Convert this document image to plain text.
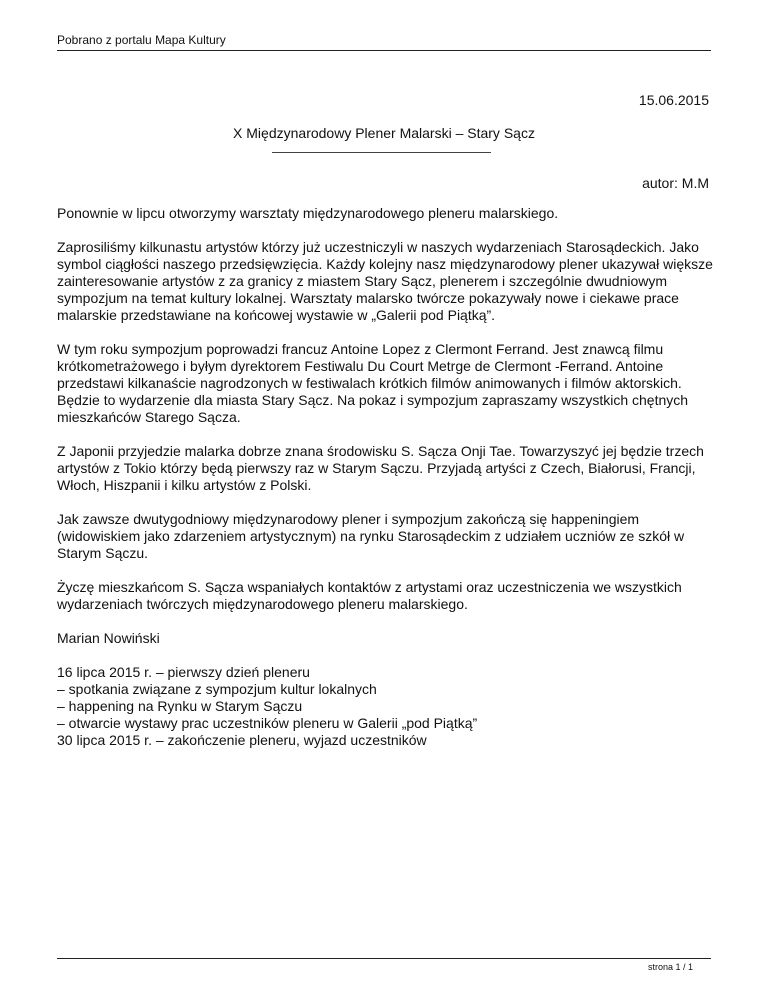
Pobrano z portalu Mapa Kultury
15.06.2015
X Międzynarodowy Plener Malarski – Stary Sącz
autor: M.M

Ponownie w lipcu otworzymy warsztaty międzynarodowego pleneru malarskiego.

Zaprosiliśmy kilkunastu artystów którzy już uczestniczyli w naszych wydarzeniach Starosądeckich. Jako symbol ciągłości naszego przedsięwzięcia. Każdy kolejny nasz międzynarodowy plener ukazywał większe zainteresowanie artystów z za granicy z miastem Stary Sącz, plenerem i szczególnie dwudniowym sympozjum na temat kultury lokalnej. Warsztaty malarsko twórcze pokazywały nowe i ciekawe prace malarskie przedstawiane na końcowej wystawie w „Galerii pod Piątką”.

W tym roku sympozjum poprowadzi francuz Antoine Lopez z Clermont Ferrand. Jest znawcą filmu krótkometrażowego i byłym dyrektorem Festiwalu Du Court Metrge de Clermont -Ferrand. Antoine przedstawi kilkanaście nagrodzonych w festiwalach krótkich filmów animowanych i filmów aktorskich. Będzie to wydarzenie dla miasta Stary Sącz. Na pokaz i sympozjum zapraszamy wszystkich chętnych mieszkańców Starego Sącza.

Z Japonii przyjedzie malarka dobrze znana środowisku S. Sącza Onji Tae. Towarzyszyć jej będzie trzech artystów z Tokio którzy będą pierwszy raz w Starym Sączu. Przyjadą artyści z Czech, Białorusi, Francji, Włoch, Hiszpanii i kilku artystów z Polski.

Jak zawsze dwutygodniowy międzynarodowy plener i sympozjum zakończą się happeningiem (widowiskiem jako zdarzeniem artystycznym) na rynku Starosądeckim z udziałem uczniów ze szkół w Starym Sączu.

Życzę mieszkańcom S. Sącza wspaniałych kontaktów z artystami oraz uczestniczenia we wszystkich wydarzeniach twórczych międzynarodowego pleneru malarskiego.

Marian Nowiński

16 lipca 2015 r. – pierwszy dzień pleneru
– spotkania związane z sympozjum kultur lokalnych
– happening na Rynku w Starym Sączu
– otwarcie wystawy prac uczestników pleneru w Galerii „pod Piątką”
30 lipca 2015 r. – zakończenie pleneru, wyjazd uczestników
strona 1 / 1
